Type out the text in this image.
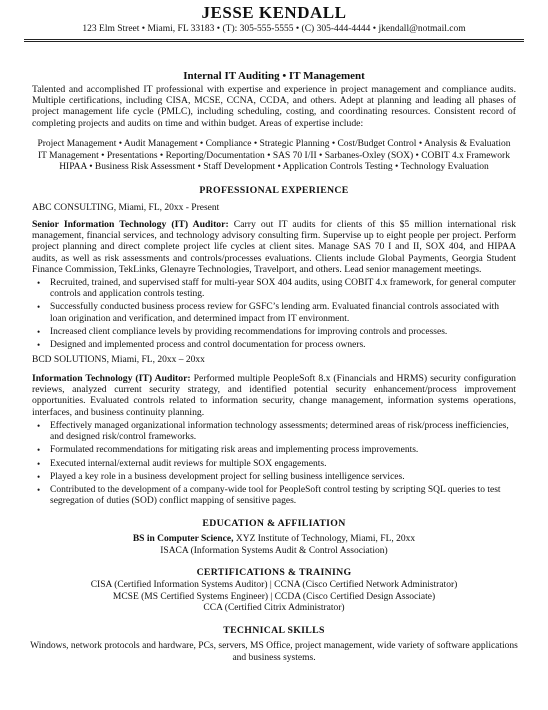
JESSE KENDALL
123 Elm Street • Miami, FL 33183 • (T): 305-555-5555 • (C) 305-444-4444 • jkendall@notmail.com
Internal IT Auditing • IT Management
Talented and accomplished IT professional with expertise and experience in project management and compliance audits. Multiple certifications, including CISA, MCSE, CCNA, CCDA, and others. Adept at planning and leading all phases of project management life cycle (PMLC), including scheduling, costing, and coordinating resources. Consistent record of completing projects and audits on time and within budget. Areas of expertise include:
Project Management • Audit Management • Compliance • Strategic Planning • Cost/Budget Control • Analysis & Evaluation
IT Management • Presentations • Reporting/Documentation • SAS 70 I/II • Sarbanes-Oxley (SOX) • COBIT 4.x Framework
HIPAA • Business Risk Assessment • Staff Development • Application Controls Testing • Technology Evaluation
PROFESSIONAL EXPERIENCE
ABC CONSULTING, Miami, FL, 20xx - Present
Senior Information Technology (IT) Auditor: Carry out IT audits for clients of this $5 million international risk management, financial services, and technology advisory consulting firm. Supervise up to eight people per project. Perform project planning and direct complete project life cycles at client sites. Manage SAS 70 I and II, SOX 404, and HIPAA audits, as well as risk assessments and controls/processes evaluations. Clients include Global Payments, Georgia Student Finance Commission, TekLinks, Glenayre Technologies, Travelport, and others. Lead senior management meetings.
• Recruited, trained, and supervised staff for multi-year SOX 404 audits, using COBIT 4.x framework, for general computer controls and application controls testing.
• Successfully conducted business process review for GSFC’s lending arm. Evaluated financial controls associated with loan origination and verification, and determined impact from IT environment.
• Increased client compliance levels by providing recommendations for improving controls and processes.
• Designed and implemented process and control documentation for process owners.
BCD SOLUTIONS, Miami, FL, 20xx – 20xx
Information Technology (IT) Auditor: Performed multiple PeopleSoft 8.x (Financials and HRMS) security configuration reviews, analyzed current security strategy, and identified potential security enhancement/process improvement opportunities. Evaluated controls related to information security, change management, information systems operations, interfaces, and business continuity planning.
• Effectively managed organizational information technology assessments; determined areas of risk/process inefficiencies, and designed risk/control frameworks.
• Formulated recommendations for mitigating risk areas and implementing process improvements.
• Executed internal/external audit reviews for multiple SOX engagements.
• Played a key role in a business development project for selling business intelligence services.
• Contributed to the development of a company-wide tool for PeopleSoft control testing by scripting SQL queries to test segregation of duties (SOD) conflict mapping of sensitive pages.
EDUCATION & AFFILIATION
BS in Computer Science, XYZ Institute of Technology, Miami, FL, 20xx
ISACA (Information Systems Audit & Control Association)
CERTIFICATIONS & TRAINING
CISA (Certified Information Systems Auditor) | CCNA (Cisco Certified Network Administrator)
MCSE (MS Certified Systems Engineer) | CCDA (Cisco Certified Design Associate)
CCA (Certified Citrix Administrator)
TECHNICAL SKILLS
Windows, network protocols and hardware, PCs, servers, MS Office, project management, wide variety of software applications
and business systems.
